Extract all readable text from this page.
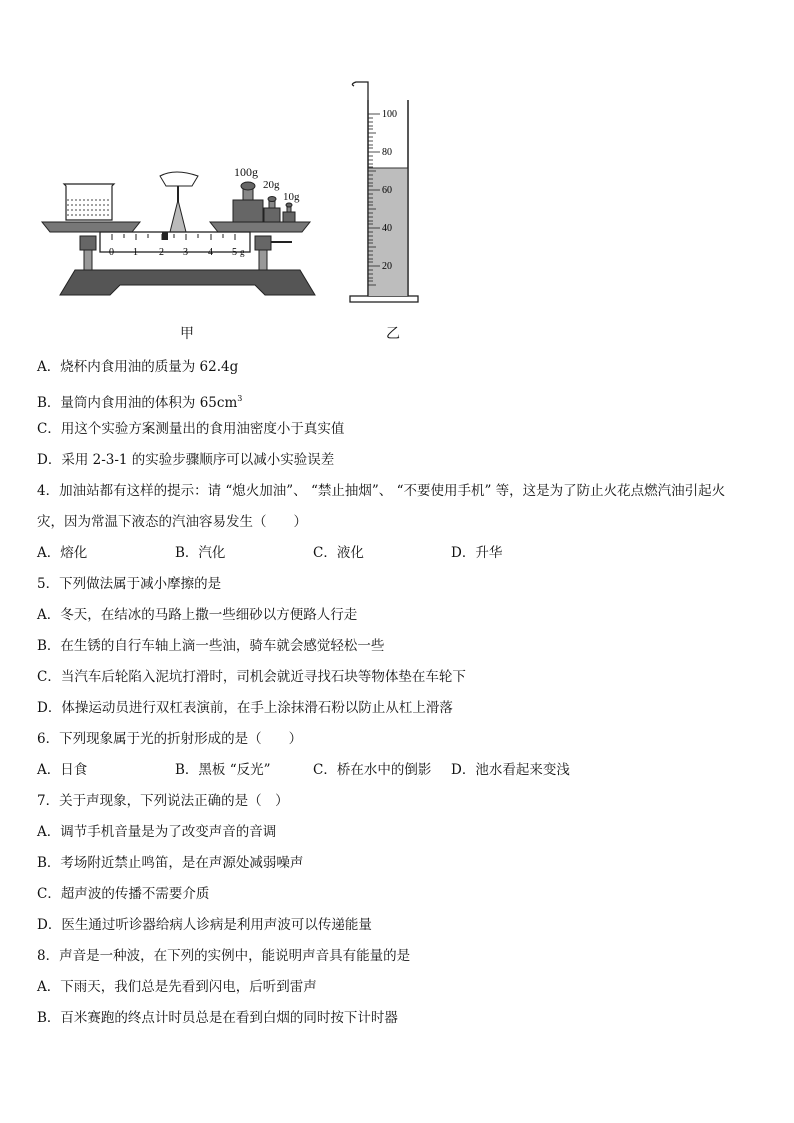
100g
20g
10g
0 1 2 3 4 5 g
100
80
60
40
20
甲	乙
A．烧杯内食用油的质量为 62.4g
B．量筒内食用油的体积为 $65cm^3$
C．用这个实验方案测量出的食用油密度小于真实值
D．采用 2-3-1 的实验步骤顺序可以减小实验误差
4．加油站都有这样的提示：请 “熄火加油”、 “禁止抽烟”、 “不要使用手机” 等，这是为了防止火花点燃汽油引起火
灾，因为常温下液态的汽油容易发生（　　）
A．熔化	B．汽化	C．液化	D．升华
5．下列做法属于减小摩擦的是
A．冬天，在结冰的马路上撒一些细砂以方便路人行走
B．在生锈的自行车轴上滴一些油，骑车就会感觉轻松一些
C．当汽车后轮陷入泥坑打滑时，司机会就近寻找石块等物体垫在车轮下
D．体操运动员进行双杠表演前，在手上涂抹滑石粉以防止从杠上滑落
6．下列现象属于光的折射形成的是（　　）
A．日食	B．黑板 “反光”	C．桥在水中的倒影	D．池水看起来变浅
7．关于声现象，下列说法正确的是（　）
A．调节手机音量是为了改变声音的音调
B．考场附近禁止鸣笛，是在声源处减弱噪声
C．超声波的传播不需要介质
D．医生通过听诊器给病人诊病是利用声波可以传递能量
8．声音是一种波，在下列的实例中，能说明声音具有能量的是
A．下雨天，我们总是先看到闪电，后听到雷声
B．百米赛跑的终点计时员总是在看到白烟的同时按下计时器
